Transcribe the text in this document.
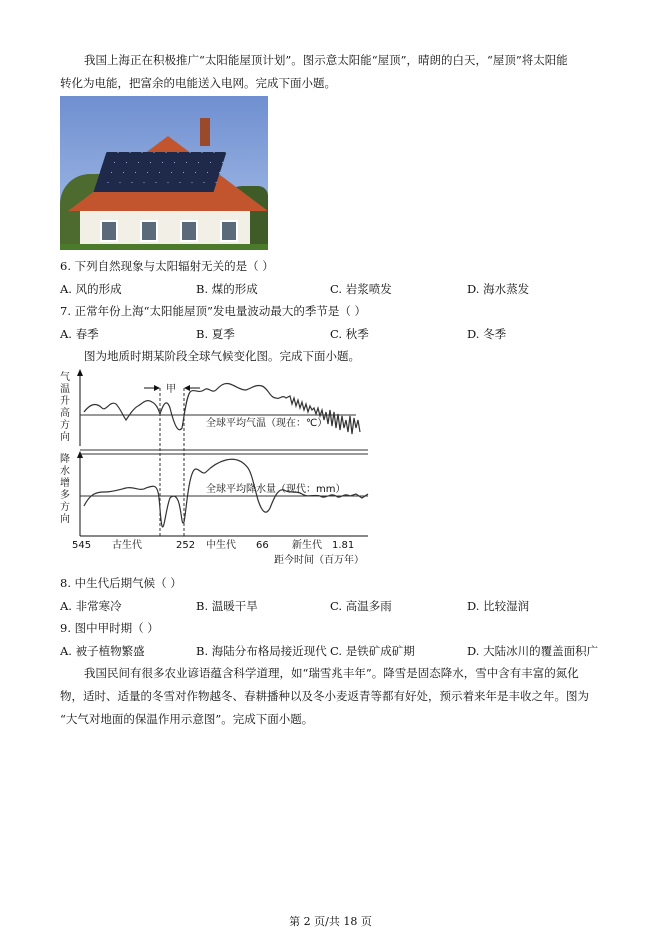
我国上海正在积极推广“太阳能屋顶计划”。图示意太阳能“屋顶”，晴朗的白天，“屋顶”将太阳能
转化为电能，把富余的电能送入电网。完成下面小题。
6. 下列自然现象与太阳辐射无关的是（ ）
A. 风的形成	B. 煤的形成	C. 岩浆喷发	D. 海水蒸发
7. 正常年份上海“太阳能屋顶”发电量波动最大的季节是（ ）
A. 春季	B. 夏季	C. 秋季	D. 冬季
图为地质时期某阶段全球气候变化图。完成下面小题。
气
温
升
高
方
向
降
水
增
多
方
向
甲
全球平均气温（现在：℃）
全球平均降水量（现代：mm）
545 古生代	252 中生代 66 新生代 1.81
距今时间（百万年）
8. 中生代后期气候（ ）
A. 非常寒冷	B. 温暖干旱	C. 高温多雨	D. 比较湿润
9. 图中甲时期（ ）
A. 被子植物繁盛	B. 海陆分布格局接近现代 C. 是铁矿成矿期	D. 大陆冰川的覆盖面积广
我国民间有很多农业谚语蕴含科学道理，如“瑞雪兆丰年”。降雪是固态降水，雪中含有丰富的氮化
物，适时、适量的冬雪对作物越冬、春耕播种以及冬小麦返青等都有好处，预示着来年是丰收之年。图为
“大气对地面的保温作用示意图”。完成下面小题。
第 2 页/共 18 页
